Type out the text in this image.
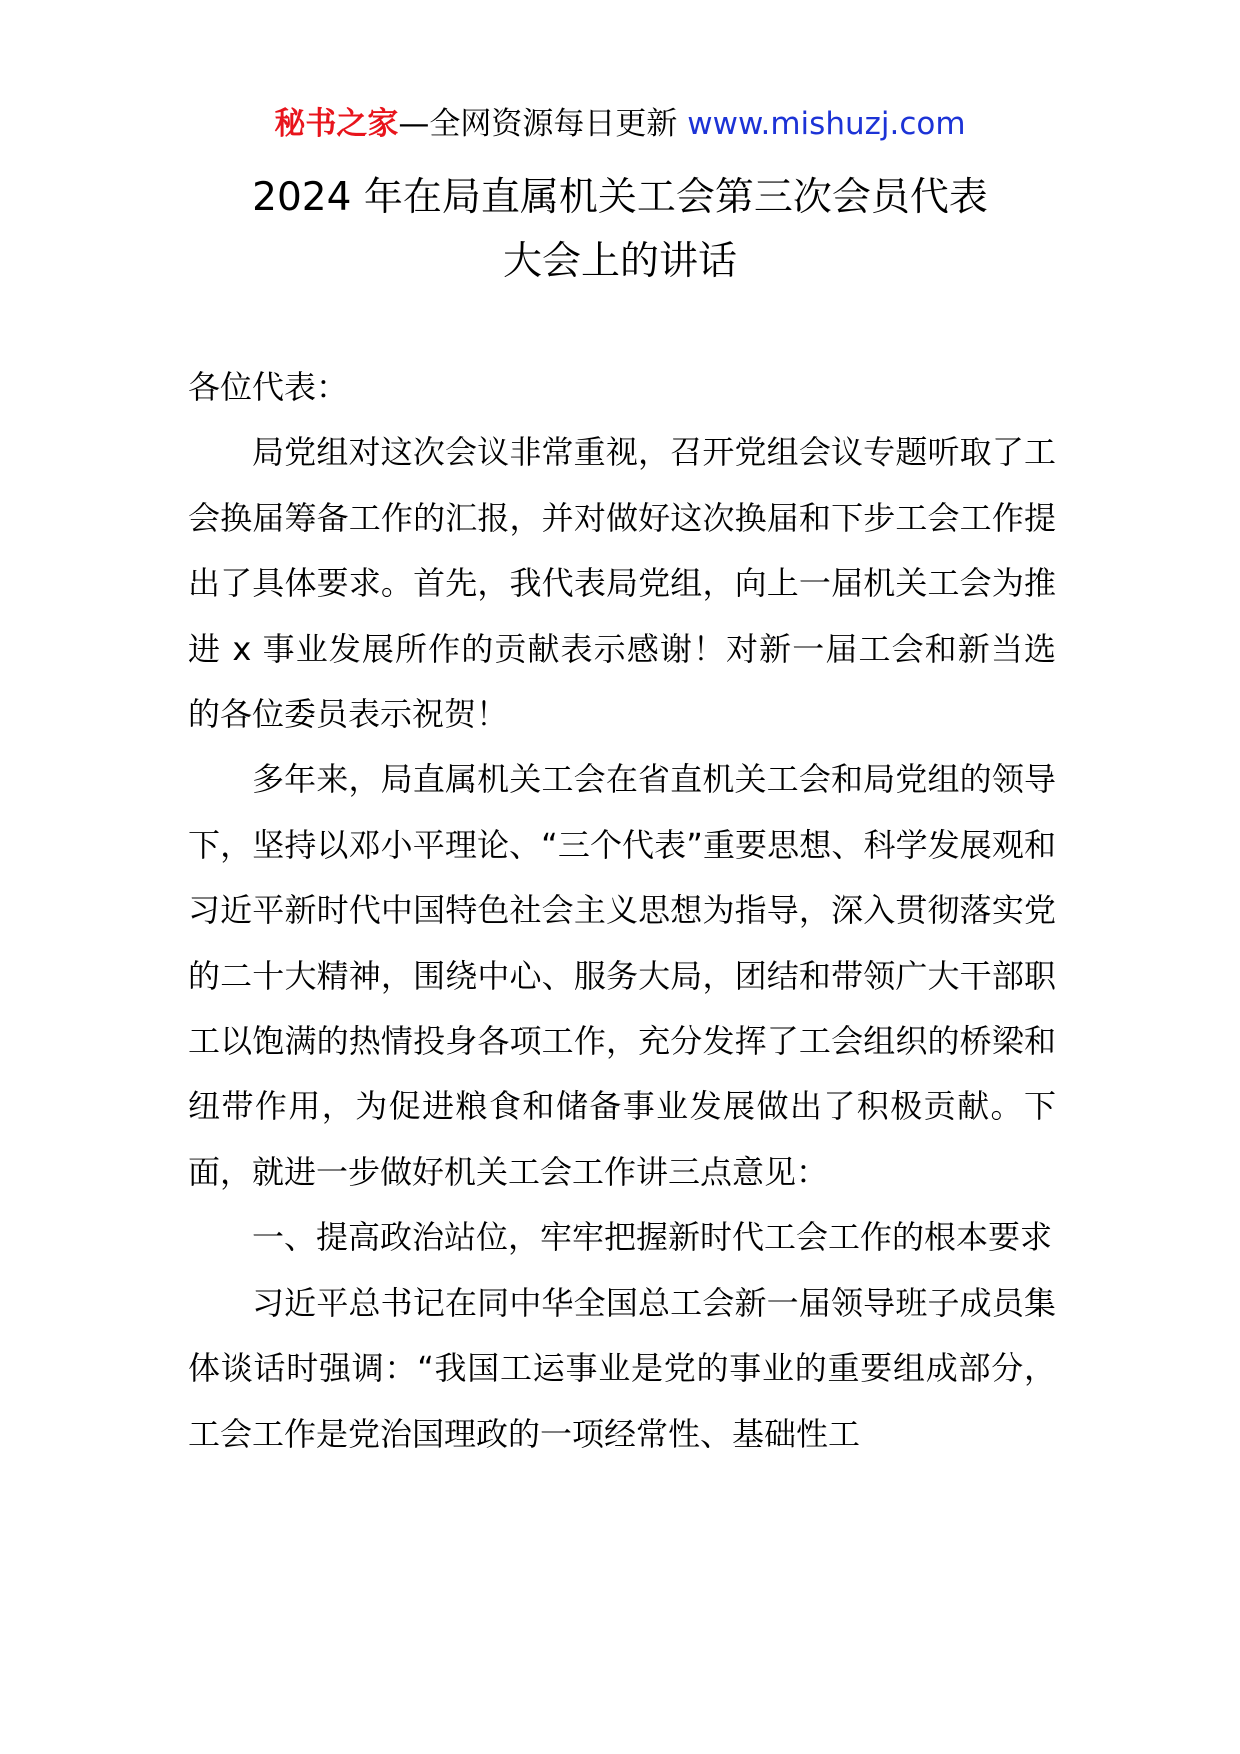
秘书之家—全网资源每日更新 www.mishuzj.com
2024 年在局直属机关工会第三次会员代表
大会上的讲话

各位代表：

局党组对这次会议非常重视，召开党组会议专题听取了工会换届筹备工作的汇报，并对做好这次换届和下步工会工作提出了具体要求。首先，我代表局党组，向上一届机关工会为推进 x 事业发展所作的贡献表示感谢！对新一届工会和新当选的各位委员表示祝贺！

多年来，局直属机关工会在省直机关工会和局党组的领导下，坚持以邓小平理论、“三个代表”重要思想、科学发展观和习近平新时代中国特色社会主义思想为指导，深入贯彻落实党的二十大精神，围绕中心、服务大局，团结和带领广大干部职工以饱满的热情投身各项工作，充分发挥了工会组织的桥梁和纽带作用，为促进粮食和储备事业发展做出了积极贡献。下面，就进一步做好机关工会工作讲三点意见：

一、提高政治站位，牢牢把握新时代工会工作的根本要求

习近平总书记在同中华全国总工会新一届领导班子成员集体谈话时强调：“我国工运事业是党的事业的重要组成部分，工会工作是党治国理政的一项经常性、基础性工
